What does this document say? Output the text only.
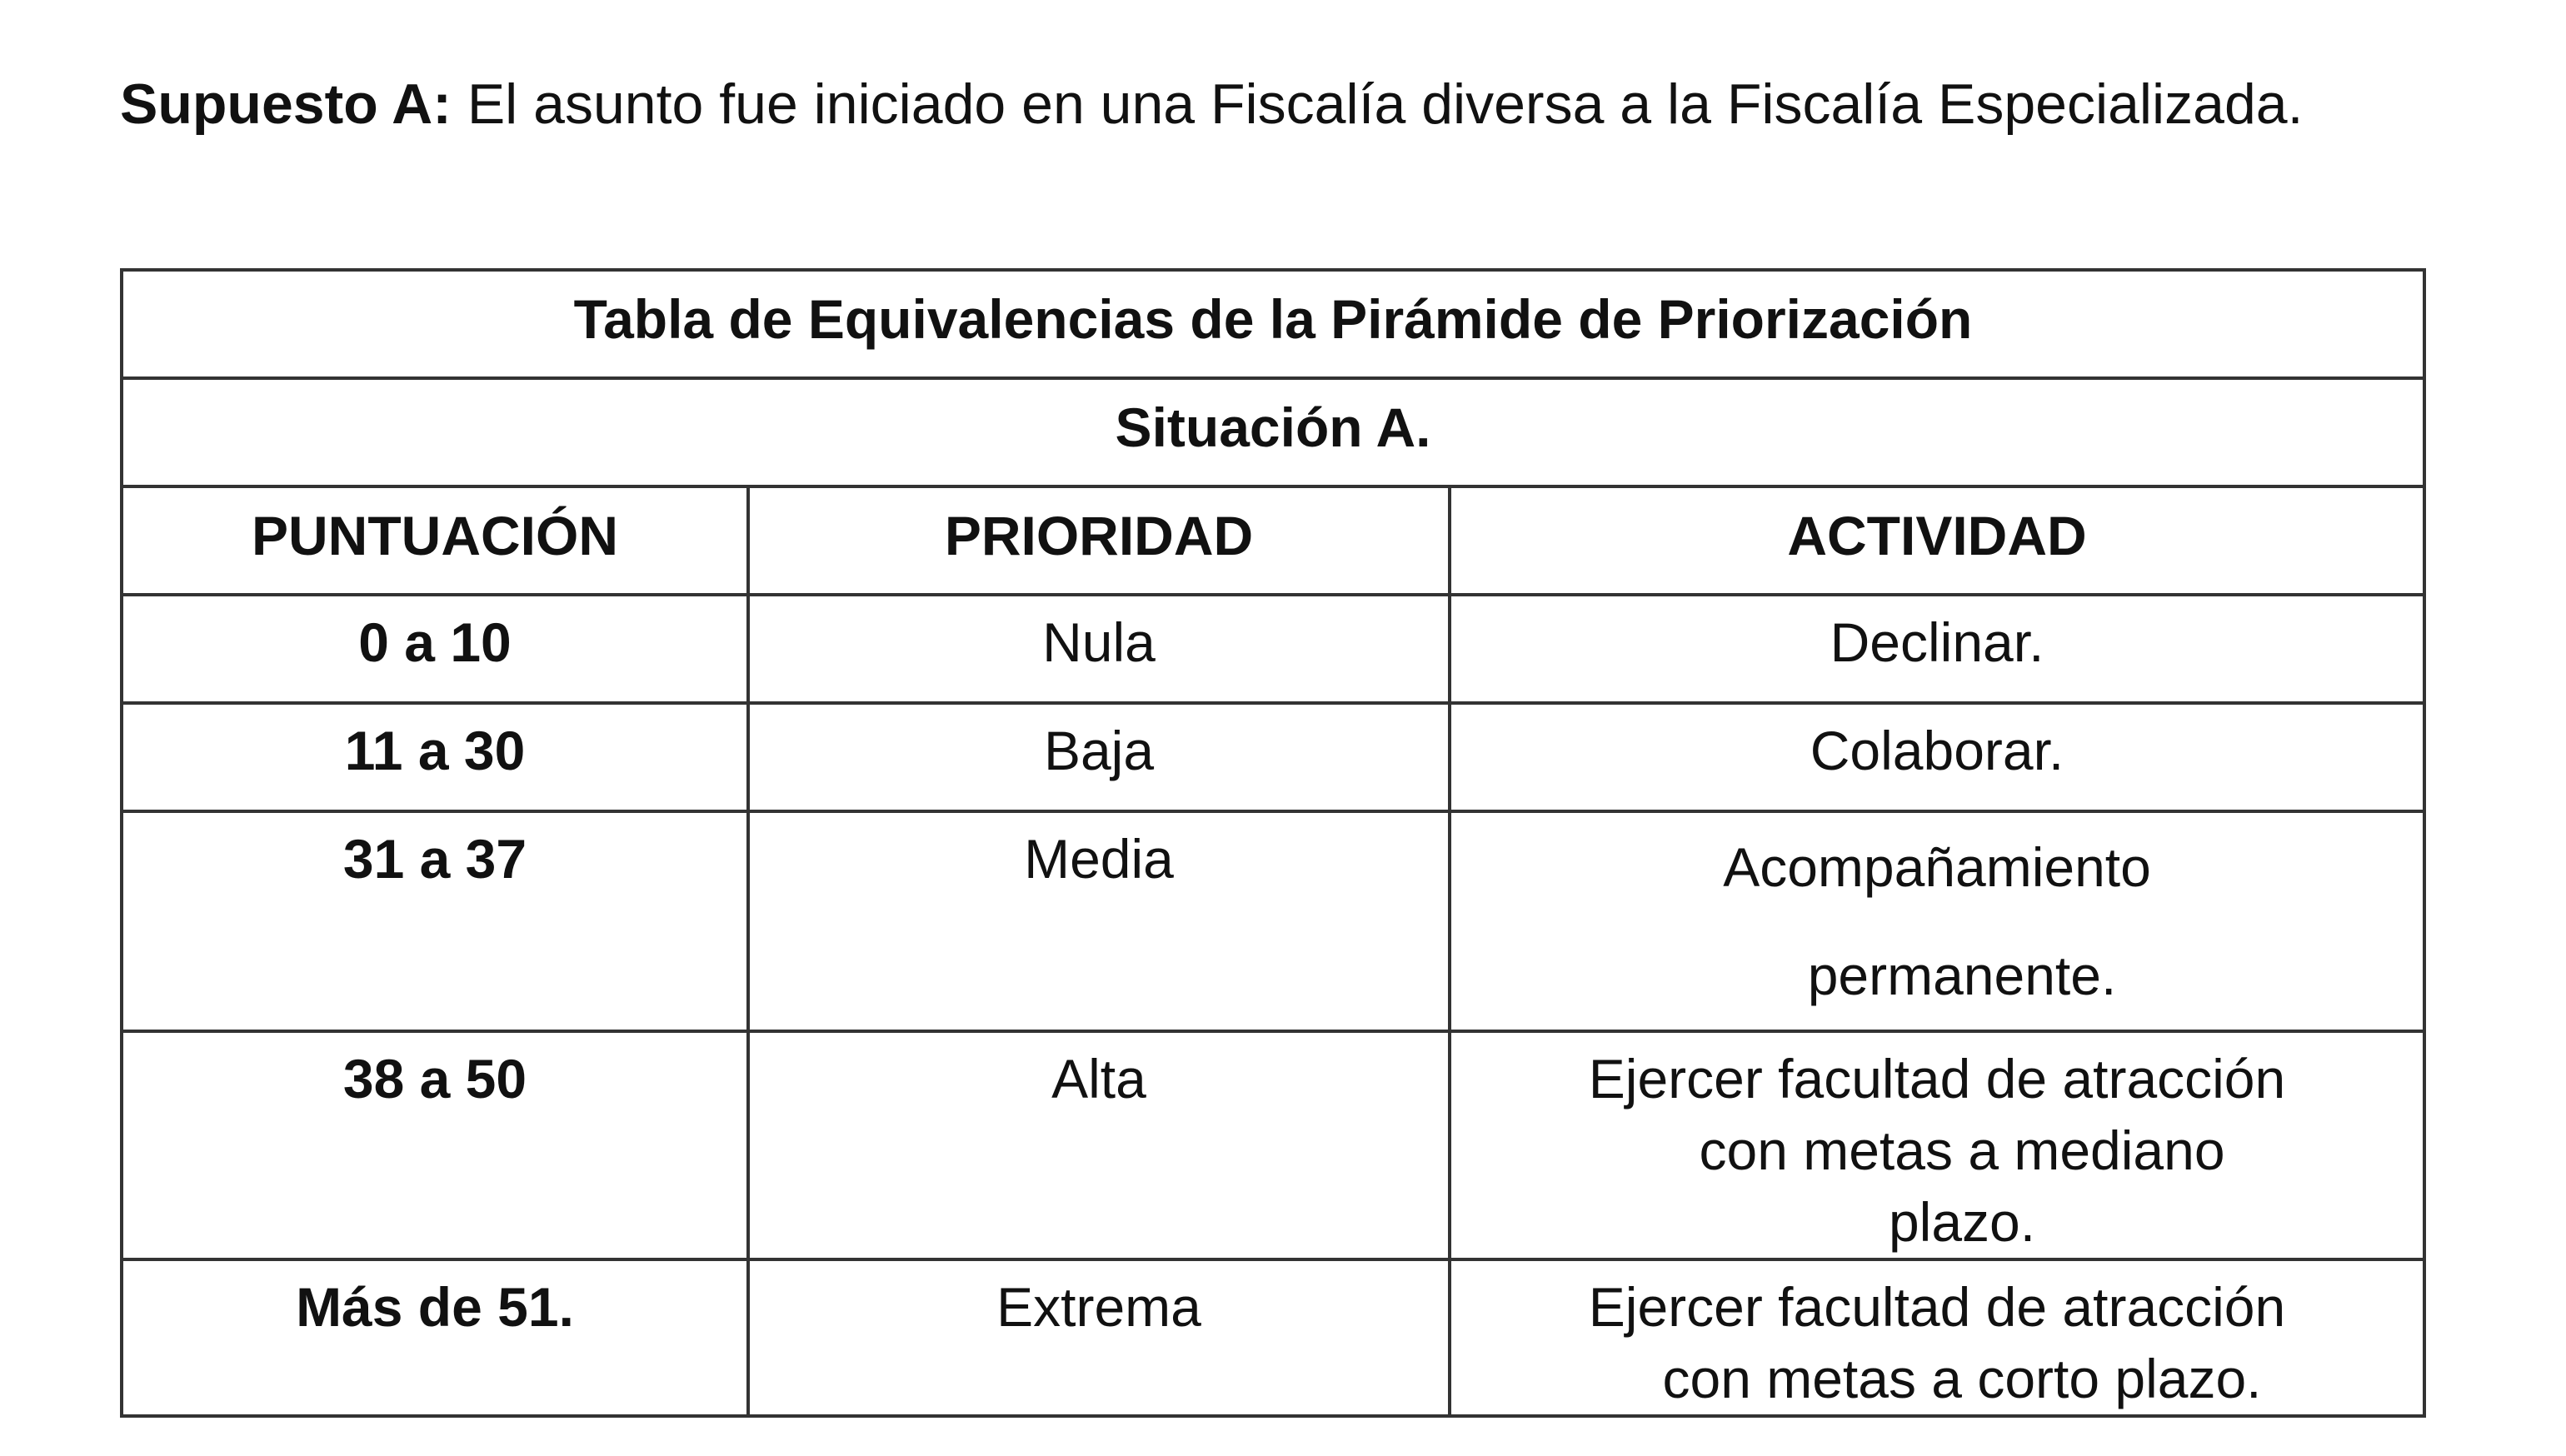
Supuesto A: El asunto fue iniciado en una Fiscalía diversa a la Fiscalía Especializada.

Tabla de Equivalencias de la Pirámide de Priorización		
Situación A.		
PUNTUACIÓN	PRIORIDAD	ACTIVIDAD
0 a 10	Nula	Declinar.

11 a 30	Baja	Colaborar.

31 a 37	Media	Acompañamiento
permanente.

38 a 50	Alta	Ejercer facultad de atracción
con metas a mediano
plazo.

Más de 51.	Extrema	Ejercer facultad de atracción
con metas a corto plazo.
